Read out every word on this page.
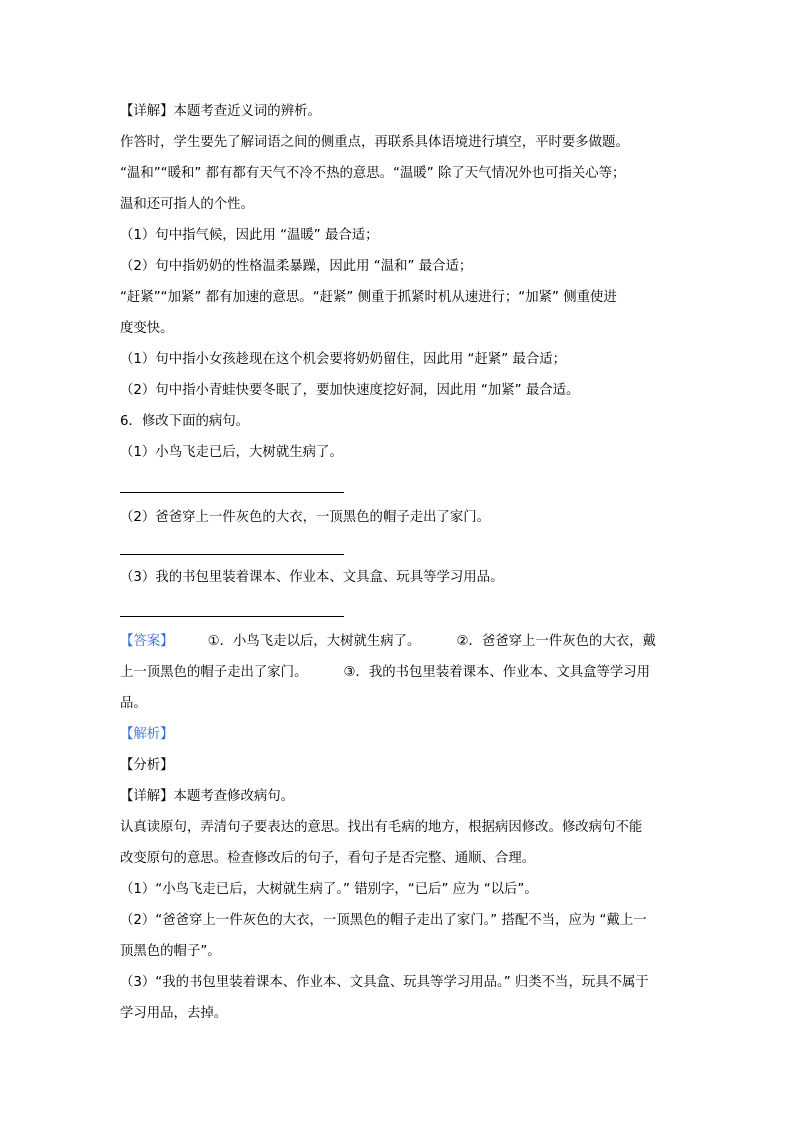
【详解】本题考查近义词的辨析。
作答时，学生要先了解词语之间的侧重点，再联系具体语境进行填空，平时要多做题。
“温和”“暖和” 都有都有天气不冷不热的意思。“温暖” 除了天气情况外也可指关心等；
温和还可指人的个性。
（1）句中指气候，因此用 “温暖” 最合适；
（2）句中指奶奶的性格温柔暴躁，因此用 “温和” 最合适；
“赶紧”“加紧” 都有加速的意思。“赶紧” 侧重于抓紧时机从速进行；“加紧” 侧重使进
度变快。
（1）句中指小女孩趁现在这个机会要将奶奶留住，因此用 “赶紧” 最合适；
（2）句中指小青蛙快要冬眠了，要加快速度挖好洞，因此用 “加紧” 最合适。
6．修改下面的病句。
（1）小鸟飞走已后，大树就生病了。
（2）爸爸穿上一件灰色的大衣，一顶黑色的帽子走出了家门。
（3）我的书包里装着课本、作业本、文具盒、玩具等学习用品。
【答案】	①．小鸟飞走以后，大树就生病了。	②．爸爸穿上一件灰色的大衣，戴
上一顶黑色的帽子走出了家门。	③．我的书包里装着课本、作业本、文具盒等学习用
品。
【解析】
【分析】
【详解】本题考查修改病句。
认真读原句，弄清句子要表达的意思。找出有毛病的地方，根据病因修改。修改病句不能
改变原句的意思。检查修改后的句子，看句子是否完整、通顺、合理。
（1）“小鸟飞走已后，大树就生病了。” 错别字，“已后” 应为 “以后”。
（2）“爸爸穿上一件灰色的大衣，一顶黑色的帽子走出了家门。” 搭配不当，应为 “戴上一
顶黑色的帽子”。
（3）“我的书包里装着课本、作业本、文具盒、玩具等学习用品。” 归类不当，玩具不属于
学习用品，去掉。
